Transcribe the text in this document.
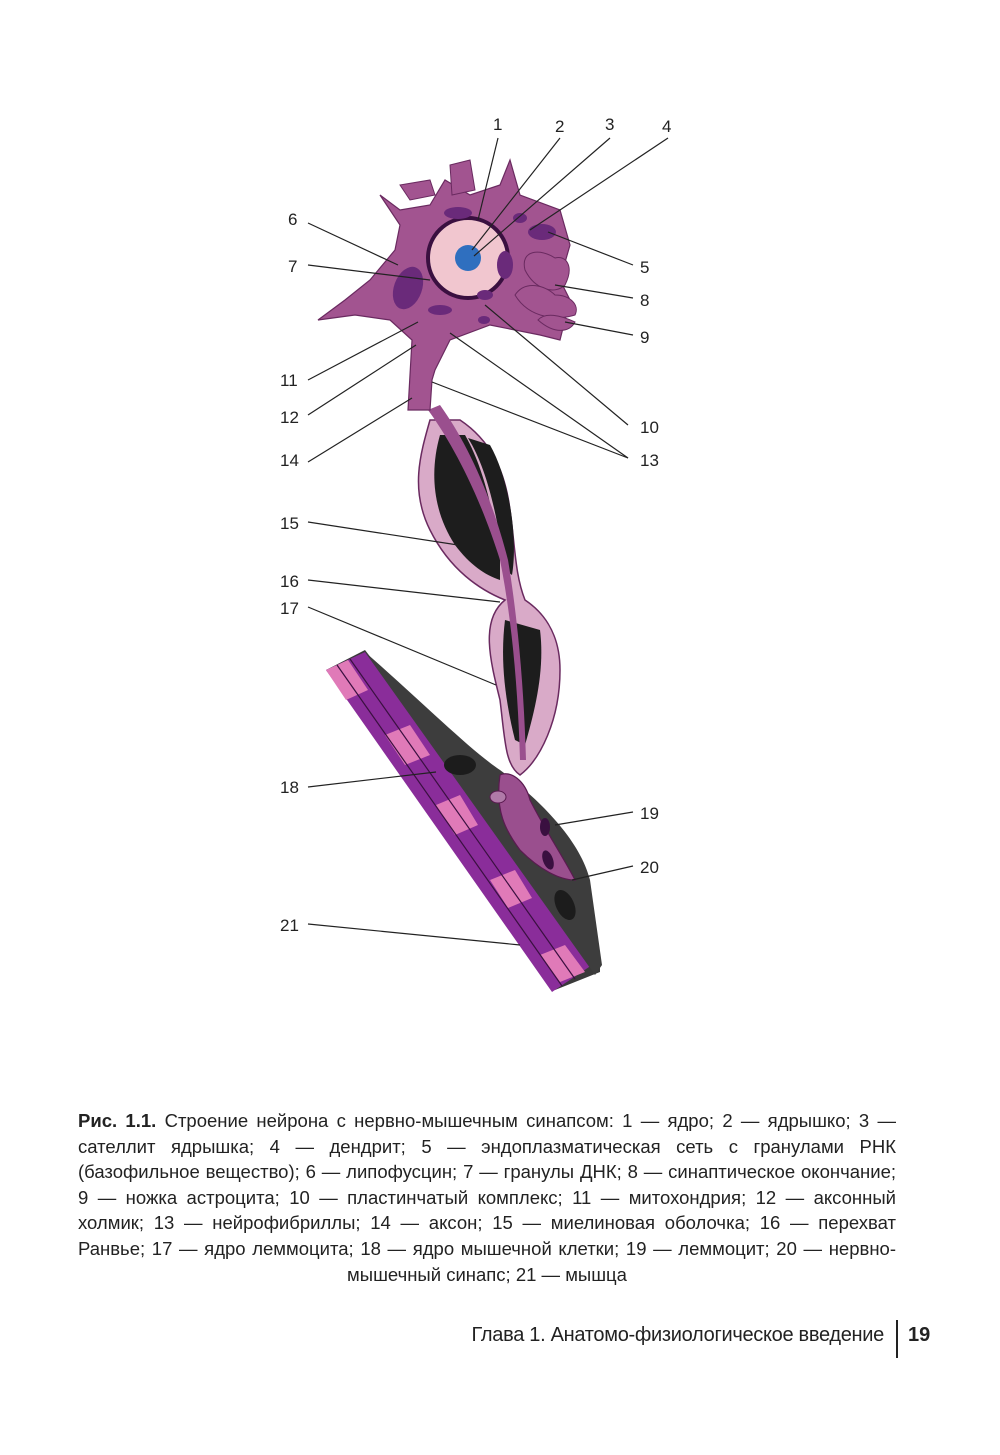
1	2 3	4
5
6
7
8
9
10
11
12
13
14
15
16
17
18
19
20
21
Рис. 1.1. Строение нейрона с нервно-мышечным синапсом: 1 — ядро; 2 — ядрышко; 3 — сателлит ядрышка; 4 — дендрит; 5 — эндоплазматическая сеть с гранулами РНК (базофильное вещество); 6 — липофусцин; 7 — гранулы ДНК; 8 — синаптическое окончание; 9 — ножка астроцита; 10 — пластинчатый комплекс; 11 — митохондрия; 12 — аксонный холмик; 13 — нейрофибриллы; 14 — аксон; 15 — миелиновая оболочка; 16 — перехват Ранвье; 17 — ядро леммоцита; 18 — ядро мышечной клетки; 19 — леммоцит; 20 — нервно-мышечный синапс; 21 — мышца
Глава 1. Анатомо-физиологическое введение 19
